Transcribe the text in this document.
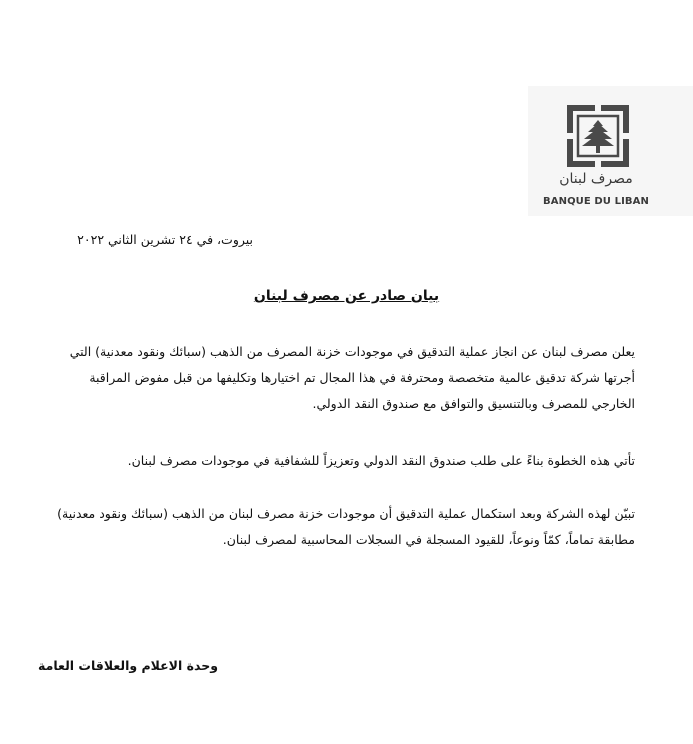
مصرف لبنان
BANQUE DU LIBAN
بيروت، في ٢٤ تشرين الثاني ٢٠٢٢
بيان صادر عن مصرف لبنان
يعلن مصرف لبنان عن انجاز عملية التدقيق في موجودات خزنة المصرف من الذهب (سبائك ونقود معدنية) التي أجرتها شركة تدقيق عالمية متخصصة ومحترفة في هذا المجال تم اختيارها وتكليفها من قبل مفوض المراقبة الخارجي للمصرف وبالتنسيق والتوافق مع صندوق النقد الدولي.
تأتي هذه الخطوة بناءً على طلب صندوق النقد الدولي وتعزيزاً للشفافية في موجودات مصرف لبنان.
تبيّن لهذه الشركة وبعد استكمال عملية التدقيق أن موجودات خزنة مصرف لبنان من الذهب (سبائك ونقود معدنية) مطابقة تماماً، كمّاً ونوعاً، للقيود المسجلة في السجلات المحاسبية لمصرف لبنان.
وحدة الاعلام والعلاقات العامة
